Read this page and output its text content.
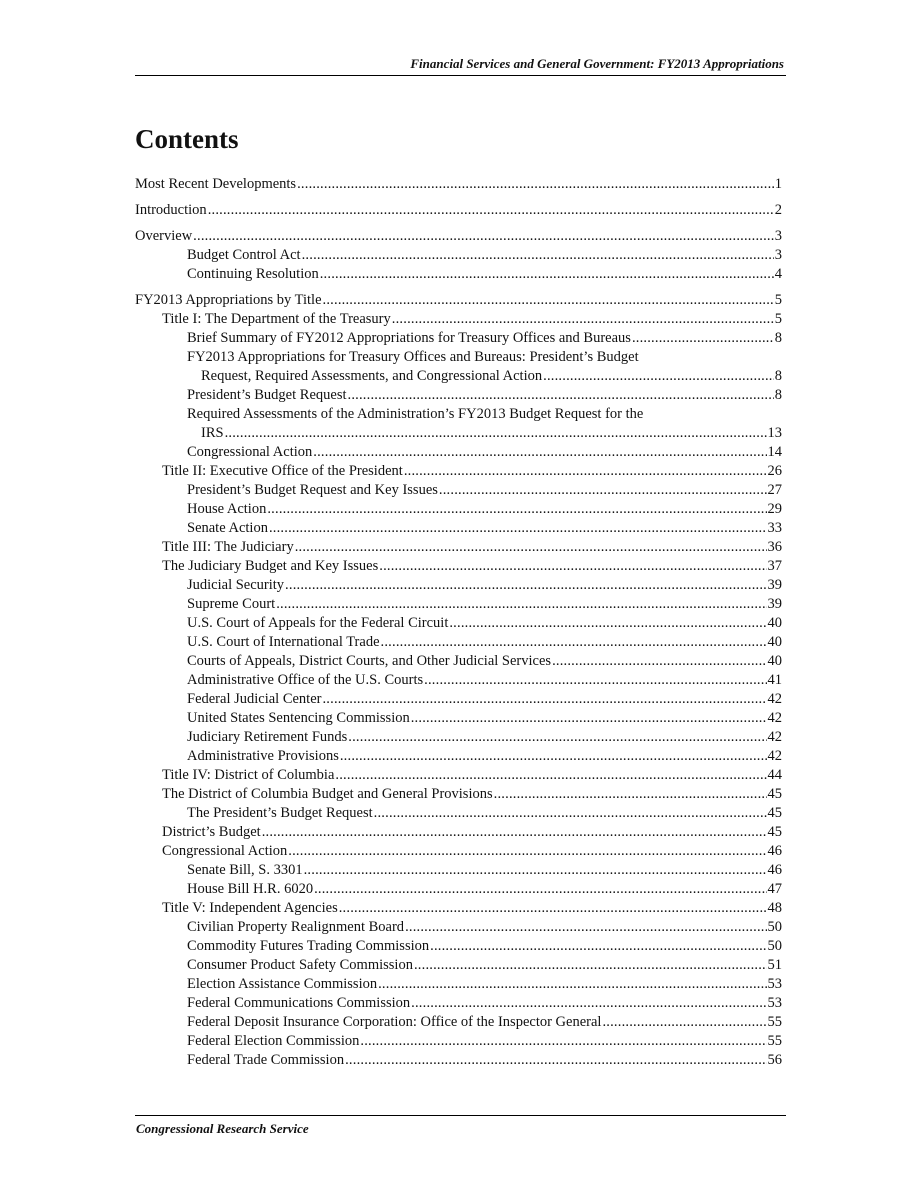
Financial Services and General Government: FY2013 Appropriations
Contents
Most Recent Developments .....	1
Introduction .....	2
Overview .....	3
Budget Control Act .....	3
Continuing Resolution .....	4
FY2013 Appropriations by Title .....	5
Title I: The Department of the Treasury .....	5
Brief Summary of FY2012 Appropriations for Treasury Offices and Bureaus .....	8
FY2013 Appropriations for Treasury Offices and Bureaus: President’s Budget
Request, Required Assessments, and Congressional Action .....	8
President’s Budget Request .....	8
Required Assessments of the Administration’s FY2013 Budget Request for the
IRS .....	13
Congressional Action .....	14
Title II: Executive Office of the President .....	26
President’s Budget Request and Key Issues .....	27
House Action .....	29
Senate Action .....	33
Title III: The Judiciary .....	36
The Judiciary Budget and Key Issues .....	37
Judicial Security .....	39
Supreme Court .....	39
U.S. Court of Appeals for the Federal Circuit .....	40
U.S. Court of International Trade .....	40
Courts of Appeals, District Courts, and Other Judicial Services .....	40
Administrative Office of the U.S. Courts .....	41
Federal Judicial Center .....	42
United States Sentencing Commission .....	42
Judiciary Retirement Funds .....	42
Administrative Provisions .....	42
Title IV: District of Columbia .....	44
The District of Columbia Budget and General Provisions .....	45
The President’s Budget Request .....	45
District’s Budget .....	45
Congressional Action .....	46
Senate Bill, S. 3301 .....	46
House Bill H.R. 6020 .....	47
Title V: Independent Agencies .....	48
Civilian Property Realignment Board .....	50
Commodity Futures Trading Commission .....	50
Consumer Product Safety Commission .....	51
Election Assistance Commission .....	53
Federal Communications Commission .....	53
Federal Deposit Insurance Corporation: Office of the Inspector General .....	55
Federal Election Commission .....	55
Federal Trade Commission .....	56
Congressional Research Service
